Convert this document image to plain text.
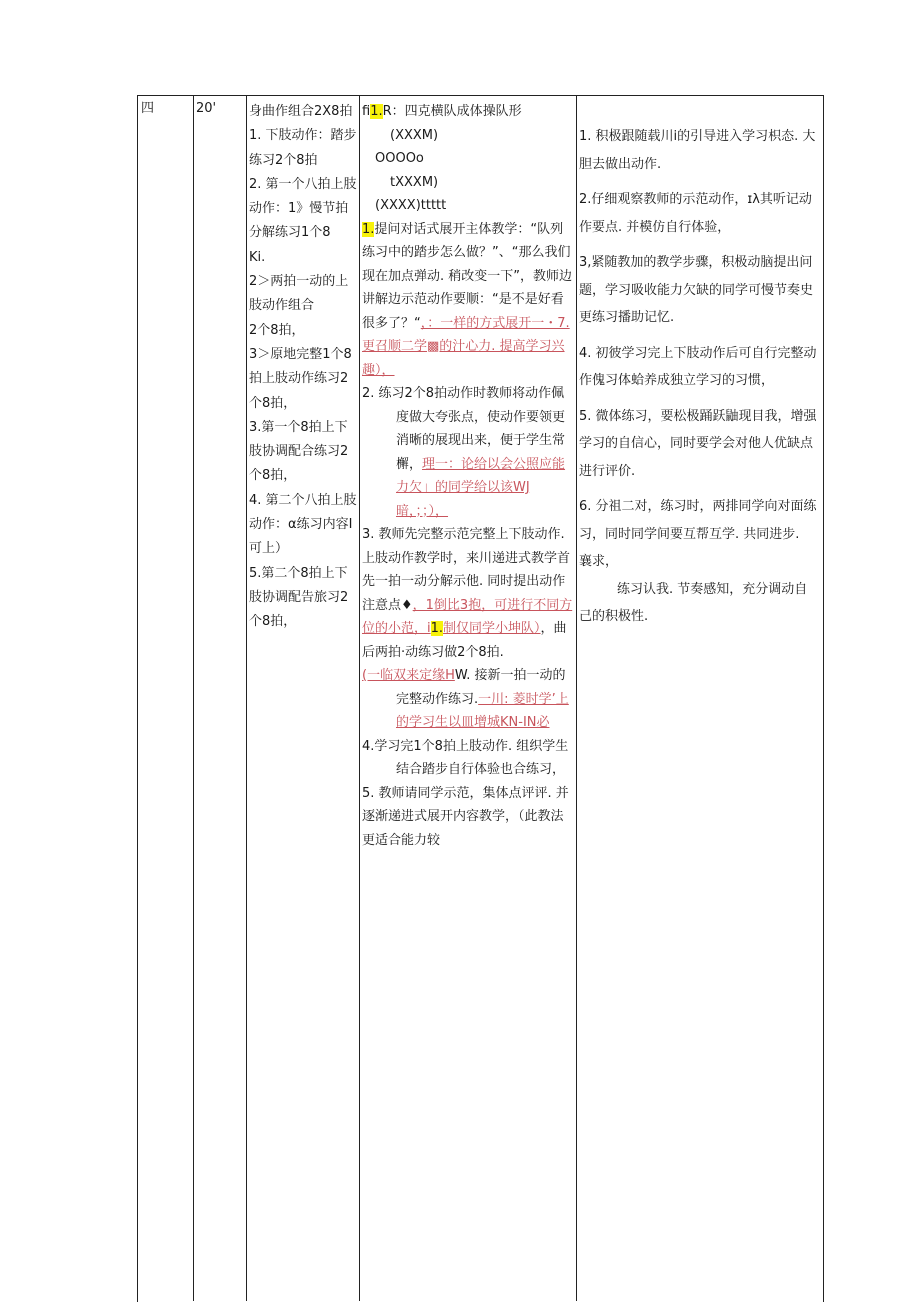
四	20'	身曲作组合2X8拍

1. 下肢动作：踏步练习2个8拍

2. 第一个八拍上肢动作：1》慢节拍分解练习1个8

Ki.

2＞两拍一动的上肢动作组合

2个8拍，

3＞原地完整1个8拍上肢动作练习2个8拍，

3.第一个8拍上下肢协调配合练习2个8拍，

4. 第二个八拍上肢动作：α练习内容I可上）

5.第二个8拍上下肢协调配告旅习2个8拍，

fi1.R：四克横队成体操队形

(XXXM)

OOOOo

tXXXM)

(XXXX)ttttt

1.提问对话式展开主体教学：“队列练习中的踏步怎么做？”、“那么我们现在加点弹动. 稍改变一下”，教师边讲解边示范动作要顺：“是不是好看很多了？“，：一样的方式展开一・7.更召顺二学▩的汁心力. 提高学习兴趣），

2. 练习2个8拍动作时教师将动作佩度做大夸张点，使动作要领更消晰的展现出来，便于学生常檞，理一：论给以会公照应能力欠」的同学给以该WJ 暗，；；），

3. 教师先完整示范完整上下肢动作. 上肢动作教学时，来川递进式教学首先一拍一动分解示他. 同时提出动作注意点♦，1倒比3抱，可进行不同方位的小范，i1.制仅同学小坤队），曲后两拍·动练习做2个8拍.

(一临双来定缘HW. 接新一拍一动的完整动作练习.一川: 菱时学’上的学习生以皿增城KN-IN必

4.学习完1个8拍上肢动作. 组织学生结合踏步自行体验也合练习，

5. 教师请同学示范，集体点评评. 并逐渐递进式展开内容教学，（此教法更适合能力较

1. 积极跟随载川i的引导进入学习枳态. 大胆去做出动作.

2.仔细观察教师的示范动作，ɪλ其听记动作要点. 并模仿自行体验，

3,紧随教加的教学步骤，积极动脑提出问题，学习吸收能力欠缺的同学可慢节奏史更练习播助记忆.

4. 初彼学习完上下肢动作后可自行完整动作傀习体蛤养成独立学习的习惯，

5. 微体练习，要松极踊跃鼬现目我，增强学习的自信心，同时要学会对他人优缺点进行评价.

6. 分祖二对，练习时，两排同学向对面练习，同时同学间要互帮互学. 共同进步.

襄求，

练习认我. 节奏感知，充分调动自己的积极性.
